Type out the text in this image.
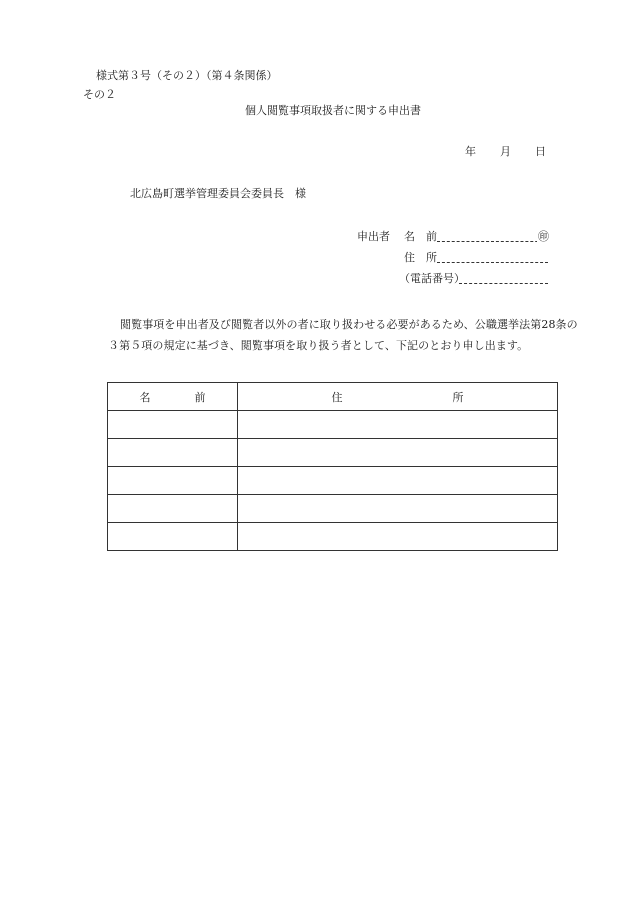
様式第３号（その２）（第４条関係）
その２
個人閲覧事項取扱者に関する申出書
年 月 日
北広島町選挙管理委員会委員長　様
申出者 名　前	㊞
住　所
（電話番号）
閲覧事項を申出者及び閲覧者以外の者に取り扱わせる必要があるため、公職選挙法第28条の３第５項の規定に基づき、閲覧事項を取り扱う者として、下記のとおり申し出ます。
名　　　　前	住　　　　　　　　　　所
